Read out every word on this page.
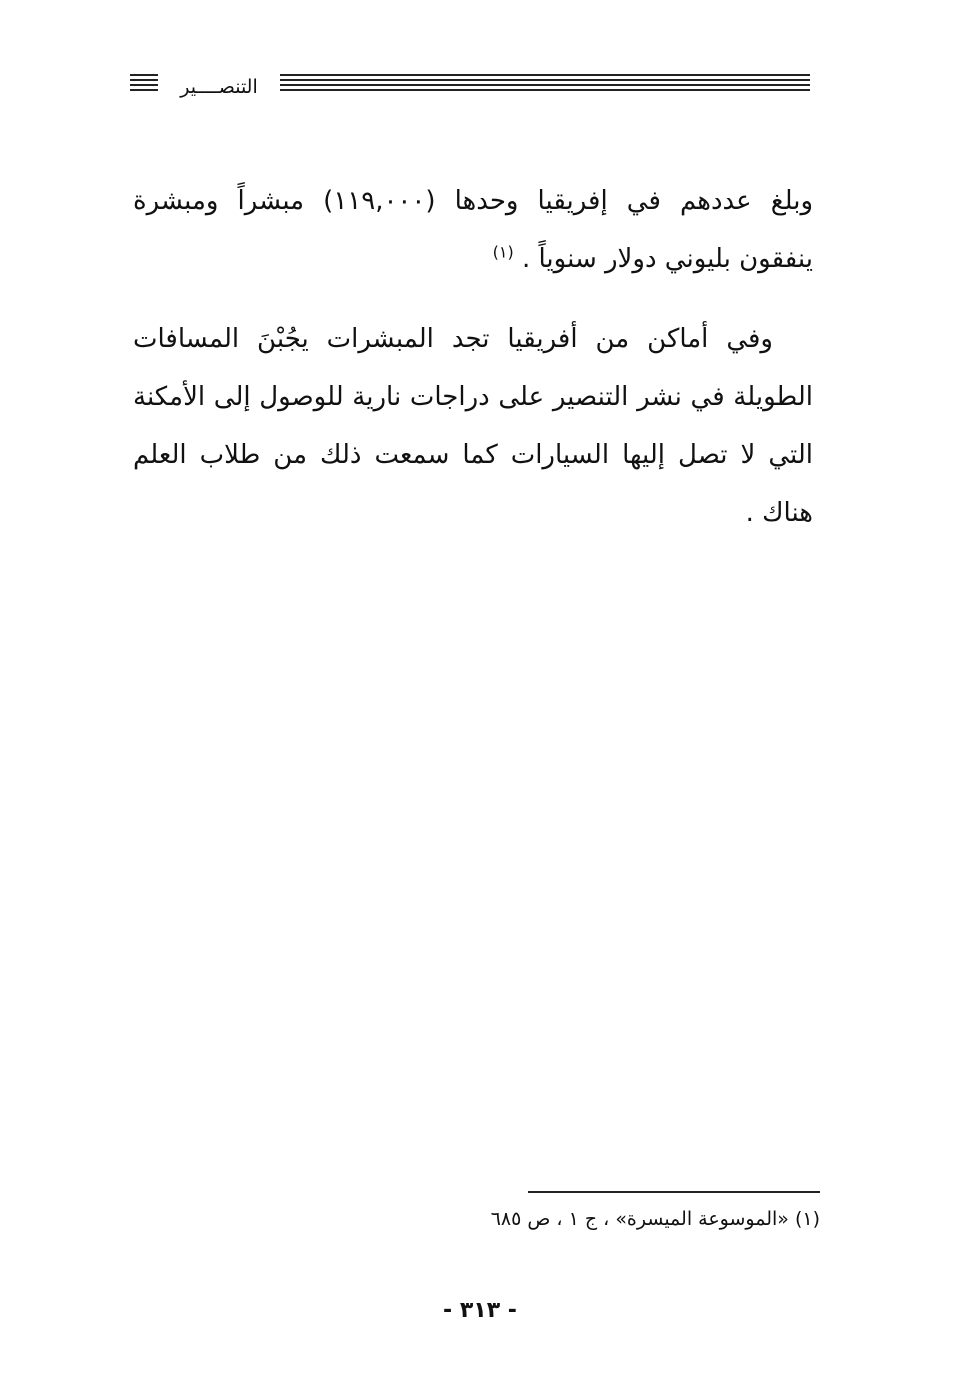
التنصــــير

وبلغ عددهم في إفريقيا وحدها (١١٩,٠٠٠) مبشراً ومبشرة ينفقون بليوني دولار سنوياً . $^{(١)}$

وفي أماكن من أفريقيا تجد المبشرات يجُبْنَ المسافات الطويلة في نشر التنصير على دراجات نارية للوصول إلى الأمكنة التي لا تصل إليها السيارات كما سمعت ذلك من طلاب العلم هناك .

(١) «الموسوعة الميسرة» ، ج ١ ، ص ٦٨٥
- ٣١٣ -
